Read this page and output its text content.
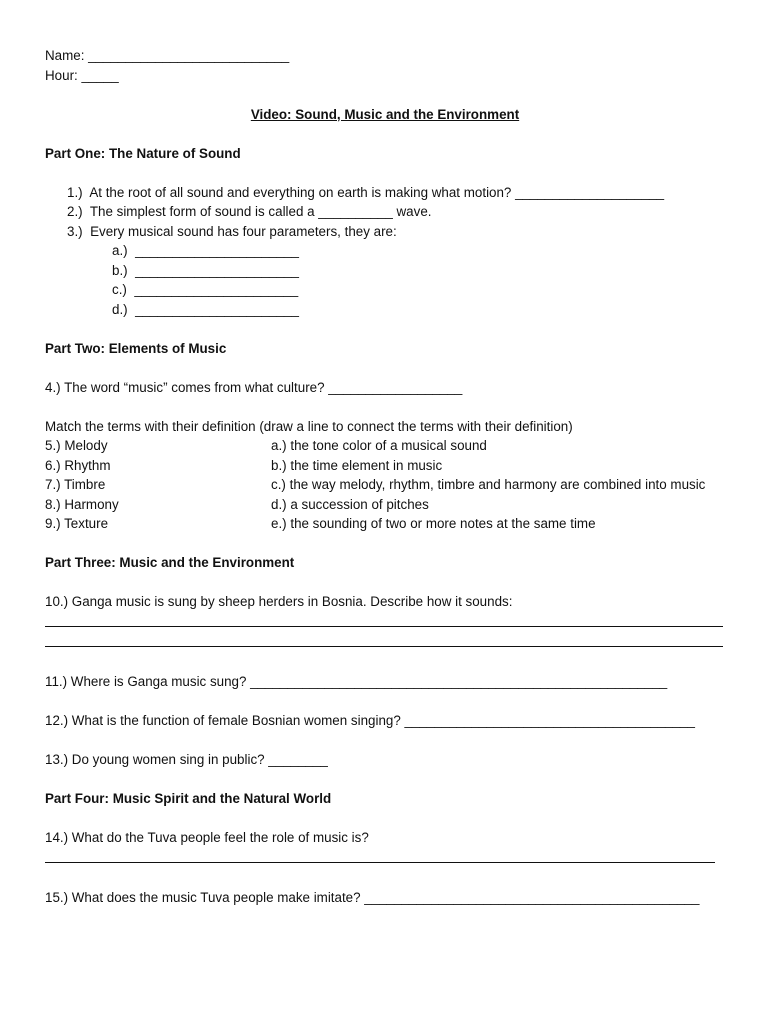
Name: ___________________________
Hour: _____
Video: Sound, Music and the Environment
Part One: The Nature of Sound
1.)  At the root of all sound and everything on earth is making what motion? ____________________
2.)  The simplest form of sound is called a __________ wave.
3.)  Every musical sound has four parameters, they are:
a.)  ______________________
b.)  ______________________
c.)  ______________________
d.)  ______________________
Part Two: Elements of Music
4.) The word “music” comes from what culture? __________________
Match the terms with their definition (draw a line to connect the terms with their definition)
5.) Melody	a.) the tone color of a musical sound
6.) Rhythm	b.) the time element in music
7.) Timbre	c.) the way melody, rhythm, timbre and harmony are combined into music
8.) Harmony	d.) a succession of pitches
9.) Texture	e.) the sounding of two or more notes at the same time
Part Three: Music and the Environment
10.) Ganga music is sung by sheep herders in Bosnia. Describe how it sounds:
11.) Where is Ganga music sung? ________________________________________________________
12.) What is the function of female Bosnian women singing? _______________________________________
13.) Do young women sing in public? ________
Part Four: Music Spirit and the Natural World
14.) What do the Tuva people feel the role of music is?
15.) What does the music Tuva people make imitate? _____________________________________________
